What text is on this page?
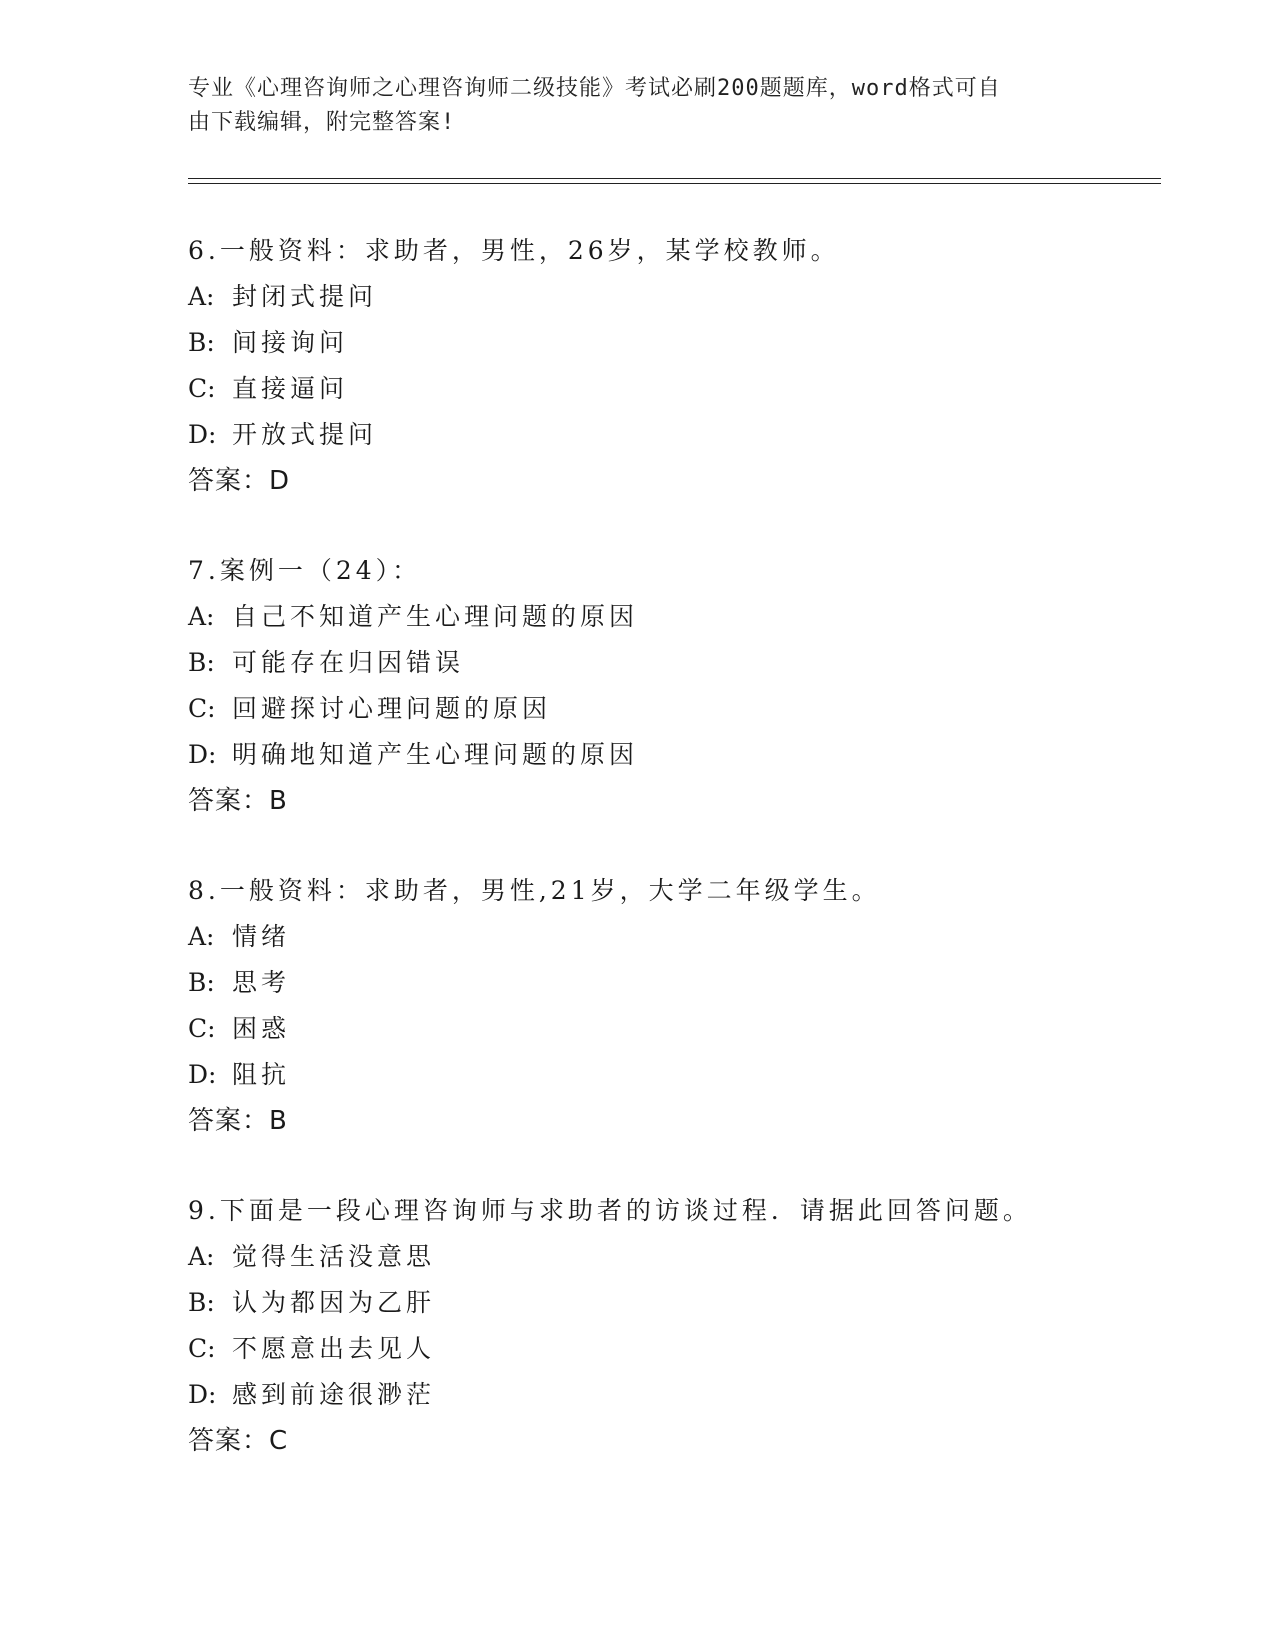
专业《心理咨询师之心理咨询师二级技能》考试必刷200题题库，word格式可自
由下载编辑，附完整答案!
6.一般资料：求助者，男性，26岁，某学校教师。
A: 封闭式提问
B: 间接询问
C: 直接逼问
D: 开放式提问
答案：D
7.案例一（24）：
A: 自己不知道产生心理问题的原因
B: 可能存在归因错误
C: 回避探讨心理问题的原因
D: 明确地知道产生心理问题的原因
答案：B
8.一般资料：求助者，男性,21岁，大学二年级学生。
A: 情绪
B: 思考
C: 困惑
D: 阻抗
答案：B
9.下面是一段心理咨询师与求助者的访谈过程．请据此回答问题。
A: 觉得生活没意思
B: 认为都因为乙肝
C: 不愿意出去见人
D: 感到前途很渺茫
答案：C
